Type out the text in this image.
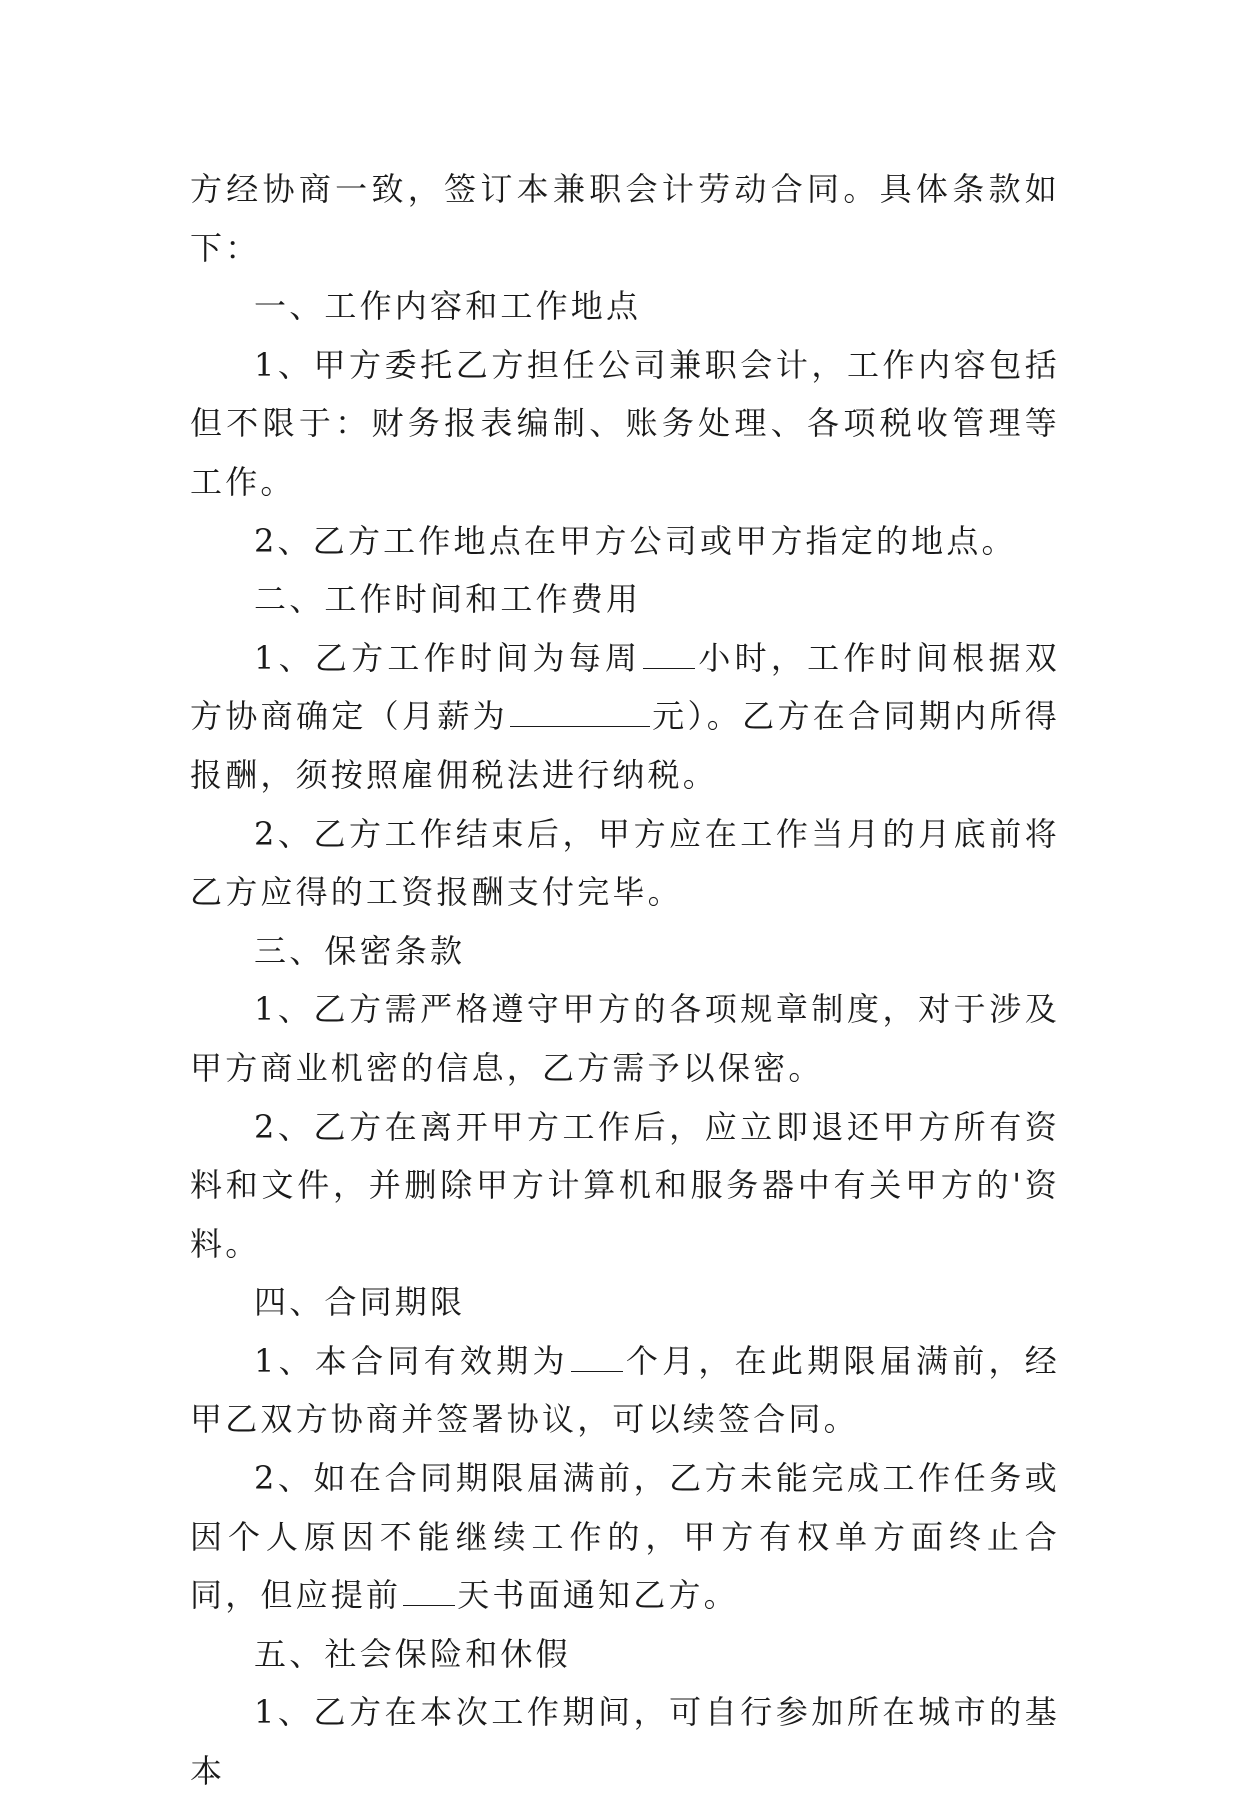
方经协商一致，签订本兼职会计劳动合同。具体条款如下：

一、工作内容和工作地点

1、甲方委托乙方担任公司兼职会计，工作内容包括但不限于：财务报表编制、账务处理、各项税收管理等工作。

2、乙方工作地点在甲方公司或甲方指定的地点。

二、工作时间和工作费用

1、乙方工作时间为每周 小时，工作时间根据双方协商确定（月薪为	元）。乙方在合同期内所得报酬，须按照雇佣税法进行纳税。

2、乙方工作结束后，甲方应在工作当月的月底前将乙方应得的工资报酬支付完毕。

三、保密条款

1、乙方需严格遵守甲方的各项规章制度，对于涉及甲方商业机密的信息，乙方需予以保密。

2、乙方在离开甲方工作后，应立即退还甲方所有资料和文件，并删除甲方计算机和服务器中有关甲方的'资料。

四、合同期限

1、本合同有效期为 个月，在此期限届满前，经甲乙双方协商并签署协议，可以续签合同。

2、如在合同期限届满前，乙方未能完成工作任务或因个人原因不能继续工作的，甲方有权单方面终止合同，但应提前 天书面通知乙方。

五、社会保险和休假

1、乙方在本次工作期间，可自行参加所在城市的基本
